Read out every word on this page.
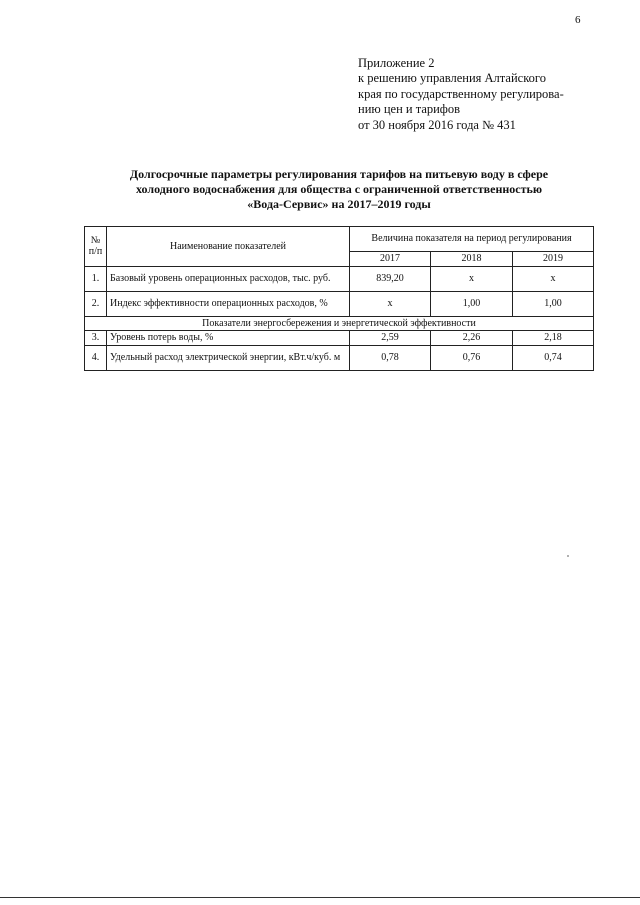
6
Приложение 2
к решению управления Алтайского
края по государственному регулирова-
нию цен и тарифов
от 30 ноября 2016 года № 431
Долгосрочные параметры регулирования тарифов на питьевую воду в сфере
холодного водоснабжения для общества с ограниченной ответственностью
«Вода-Сервис» на 2017–2019 годы
№ п/п	Наименование показателей	Величина показателя на период регулирования		
		2017	2018	2019
1.	Базовый уровень операционных расходов, тыс. руб.	839,20	х	х
2.	Индекс эффективности операционных расходов, %	х	1,00	1,00
Показатели энергосбережения и энергетической эффективности				
3.	Уровень потерь воды, %	2,59	2,26	2,18
4.	Удельный расход электрической энергии, кВт.ч/куб. м	0,78	0,76	0,74
